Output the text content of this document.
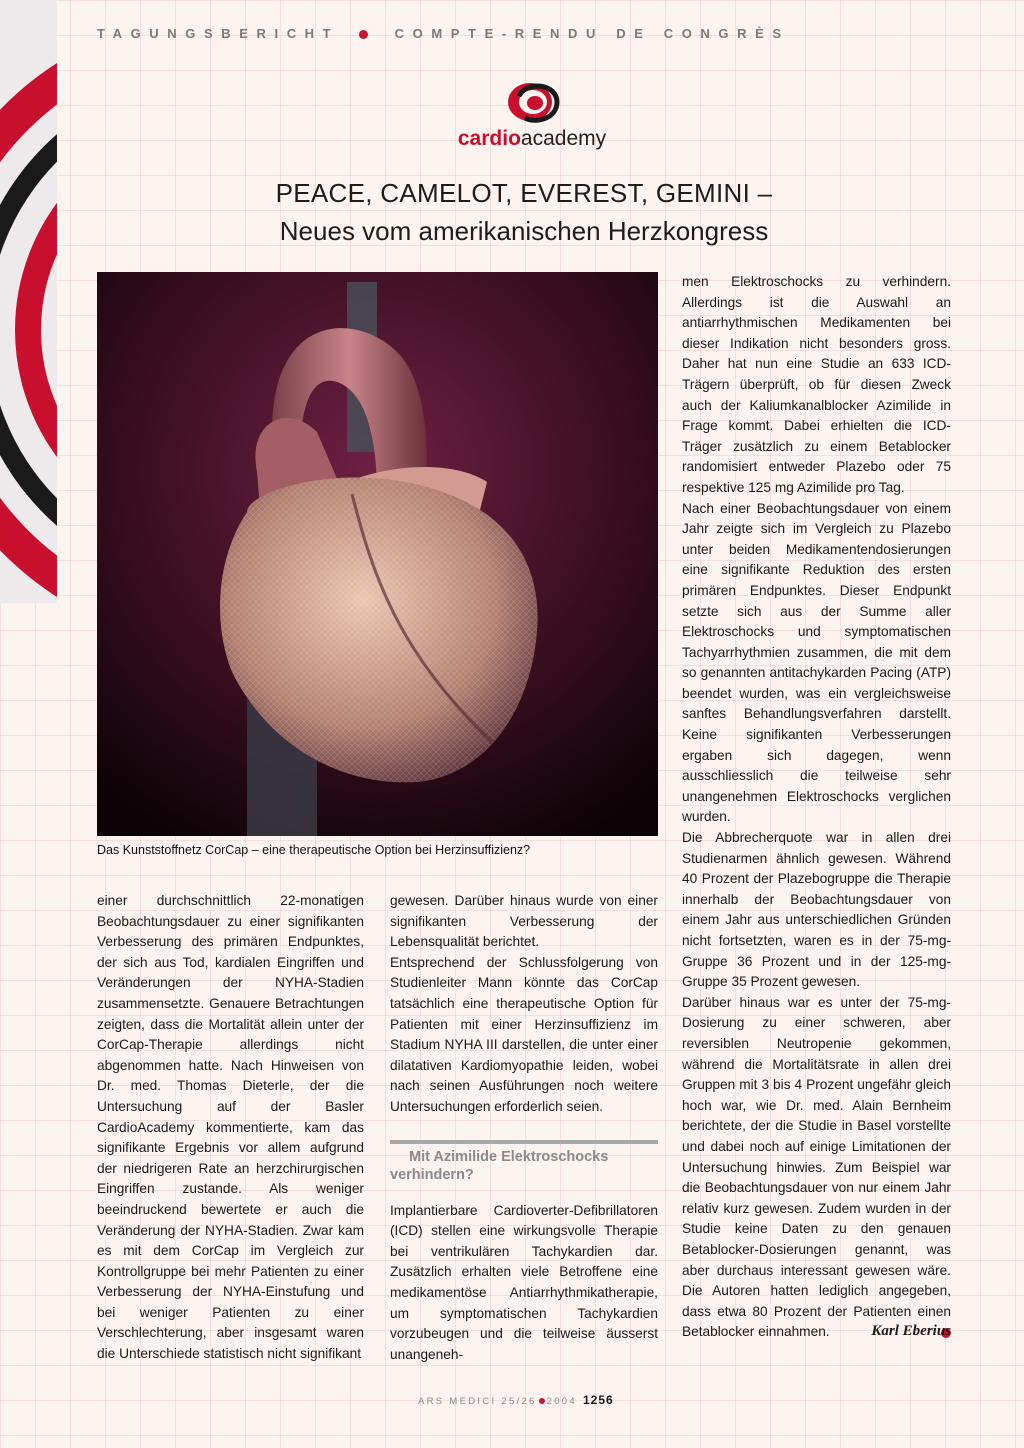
TAGUNGSBERICHT	COMPTE-RENDU DE CONGRÈS
cardioacademy
PEACE, CAMELOT, EVEREST, GEMINI –
Neues vom amerikanischen Herzkongress
Das Kunststoffnetz CorCap – eine therapeutische Option bei Herzinsuffizienz?

einer durchschnittlich 22-monatigen Beobachtungsdauer zu einer signifikanten Verbesserung des primären Endpunktes, der sich aus Tod, kardialen Eingriffen und Veränderungen der NYHA-Stadien zusammensetzte. Genauere Betrachtungen zeigten, dass die Mortalität allein unter der CorCap-Therapie allerdings nicht abgenommen hatte. Nach Hinweisen von Dr. med. Thomas Dieterle, der die Untersuchung auf der Basler CardioAcademy kommentierte, kam das signifikante Ergebnis vor allem aufgrund der niedrigeren Rate an herzchirurgischen Eingriffen zustande. Als weniger beeindruckend bewertete er auch die Veränderung der NYHA-Stadien. Zwar kam es mit dem CorCap im Vergleich zur Kontrollgruppe bei mehr Patienten zu einer Verbesserung der NYHA-Einstufung und bei weniger Patienten zu einer Verschlechterung, aber insgesamt waren die Unterschiede statistisch nicht signifikant

gewesen. Darüber hinaus wurde von einer signifikanten Verbesserung der Lebensqualität berichtet.

Entsprechend der Schlussfolgerung von Studienleiter Mann könnte das CorCap tatsächlich eine therapeutische Option für Patienten mit einer Herzinsuffizienz im Stadium NYHA III darstellen, die unter einer dilatativen Kardiomyopathie leiden, wobei nach seinen Ausführungen noch weitere Untersuchungen erforderlich seien.

Mit Azimilide Elektroschocks
verhindern?

Implantierbare Cardioverter-Defibrillatoren (ICD) stellen eine wirkungsvolle Therapie bei ventrikulären Tachykardien dar. Zusätzlich erhalten viele Betroffene eine medikamentöse Antiarrhythmikatherapie, um symptomatischen Tachykardien vorzubeugen und die teilweise äusserst unangeneh-

men Elektroschocks zu verhindern. Allerdings ist die Auswahl an antiarrhythmischen Medikamenten bei dieser Indikation nicht besonders gross. Daher hat nun eine Studie an 633 ICD-Trägern überprüft, ob für diesen Zweck auch der Kaliumkanalblocker Azimilide in Frage kommt. Dabei erhielten die ICD-Träger zusätzlich zu einem Betablocker randomisiert entweder Plazebo oder 75 respektive 125 mg Azimilide pro Tag.

Nach einer Beobachtungsdauer von einem Jahr zeigte sich im Vergleich zu Plazebo unter beiden Medikamentendosierungen eine signifikante Reduktion des ersten primären Endpunktes. Dieser Endpunkt setzte sich aus der Summe aller Elektroschocks und symptomatischen Tachyarrhythmien zusammen, die mit dem so genannten antitachykarden Pacing (ATP) beendet wurden, was ein vergleichsweise sanftes Behandlungsverfahren darstellt. Keine signifikanten Verbesserungen ergaben sich dagegen, wenn ausschliesslich die teilweise sehr unangenehmen Elektroschocks verglichen wurden.

Die Abbrecherquote war in allen drei Studienarmen ähnlich gewesen. Während 40 Prozent der Plazebogruppe die Therapie innerhalb der Beobachtungsdauer von einem Jahr aus unterschiedlichen Gründen nicht fortsetzten, waren es in der 75-mg-Gruppe 36 Prozent und in der 125-mg-Gruppe 35 Prozent gewesen.

Darüber hinaus war es unter der 75-mg-Dosierung zu einer schweren, aber reversiblen Neutropenie gekommen, während die Mortalitätsrate in allen drei Gruppen mit 3 bis 4 Prozent ungefähr gleich hoch war, wie Dr. med. Alain Bernheim berichtete, der die Studie in Basel vorstellte und dabei noch auf einige Limitationen der Untersuchung hinwies. Zum Beispiel war die Beobachtungsdauer von nur einem Jahr relativ kurz gewesen. Zudem wurden in der Studie keine Daten zu den genauen Betablocker-Dosierungen genannt, was aber durchaus interessant gewesen wäre. Die Autoren hatten lediglich angegeben, dass etwa 80 Prozent der Patienten einen Betablocker einnahmen.	Karl Eberius
ARS MEDICI 25/26 2004 1256
